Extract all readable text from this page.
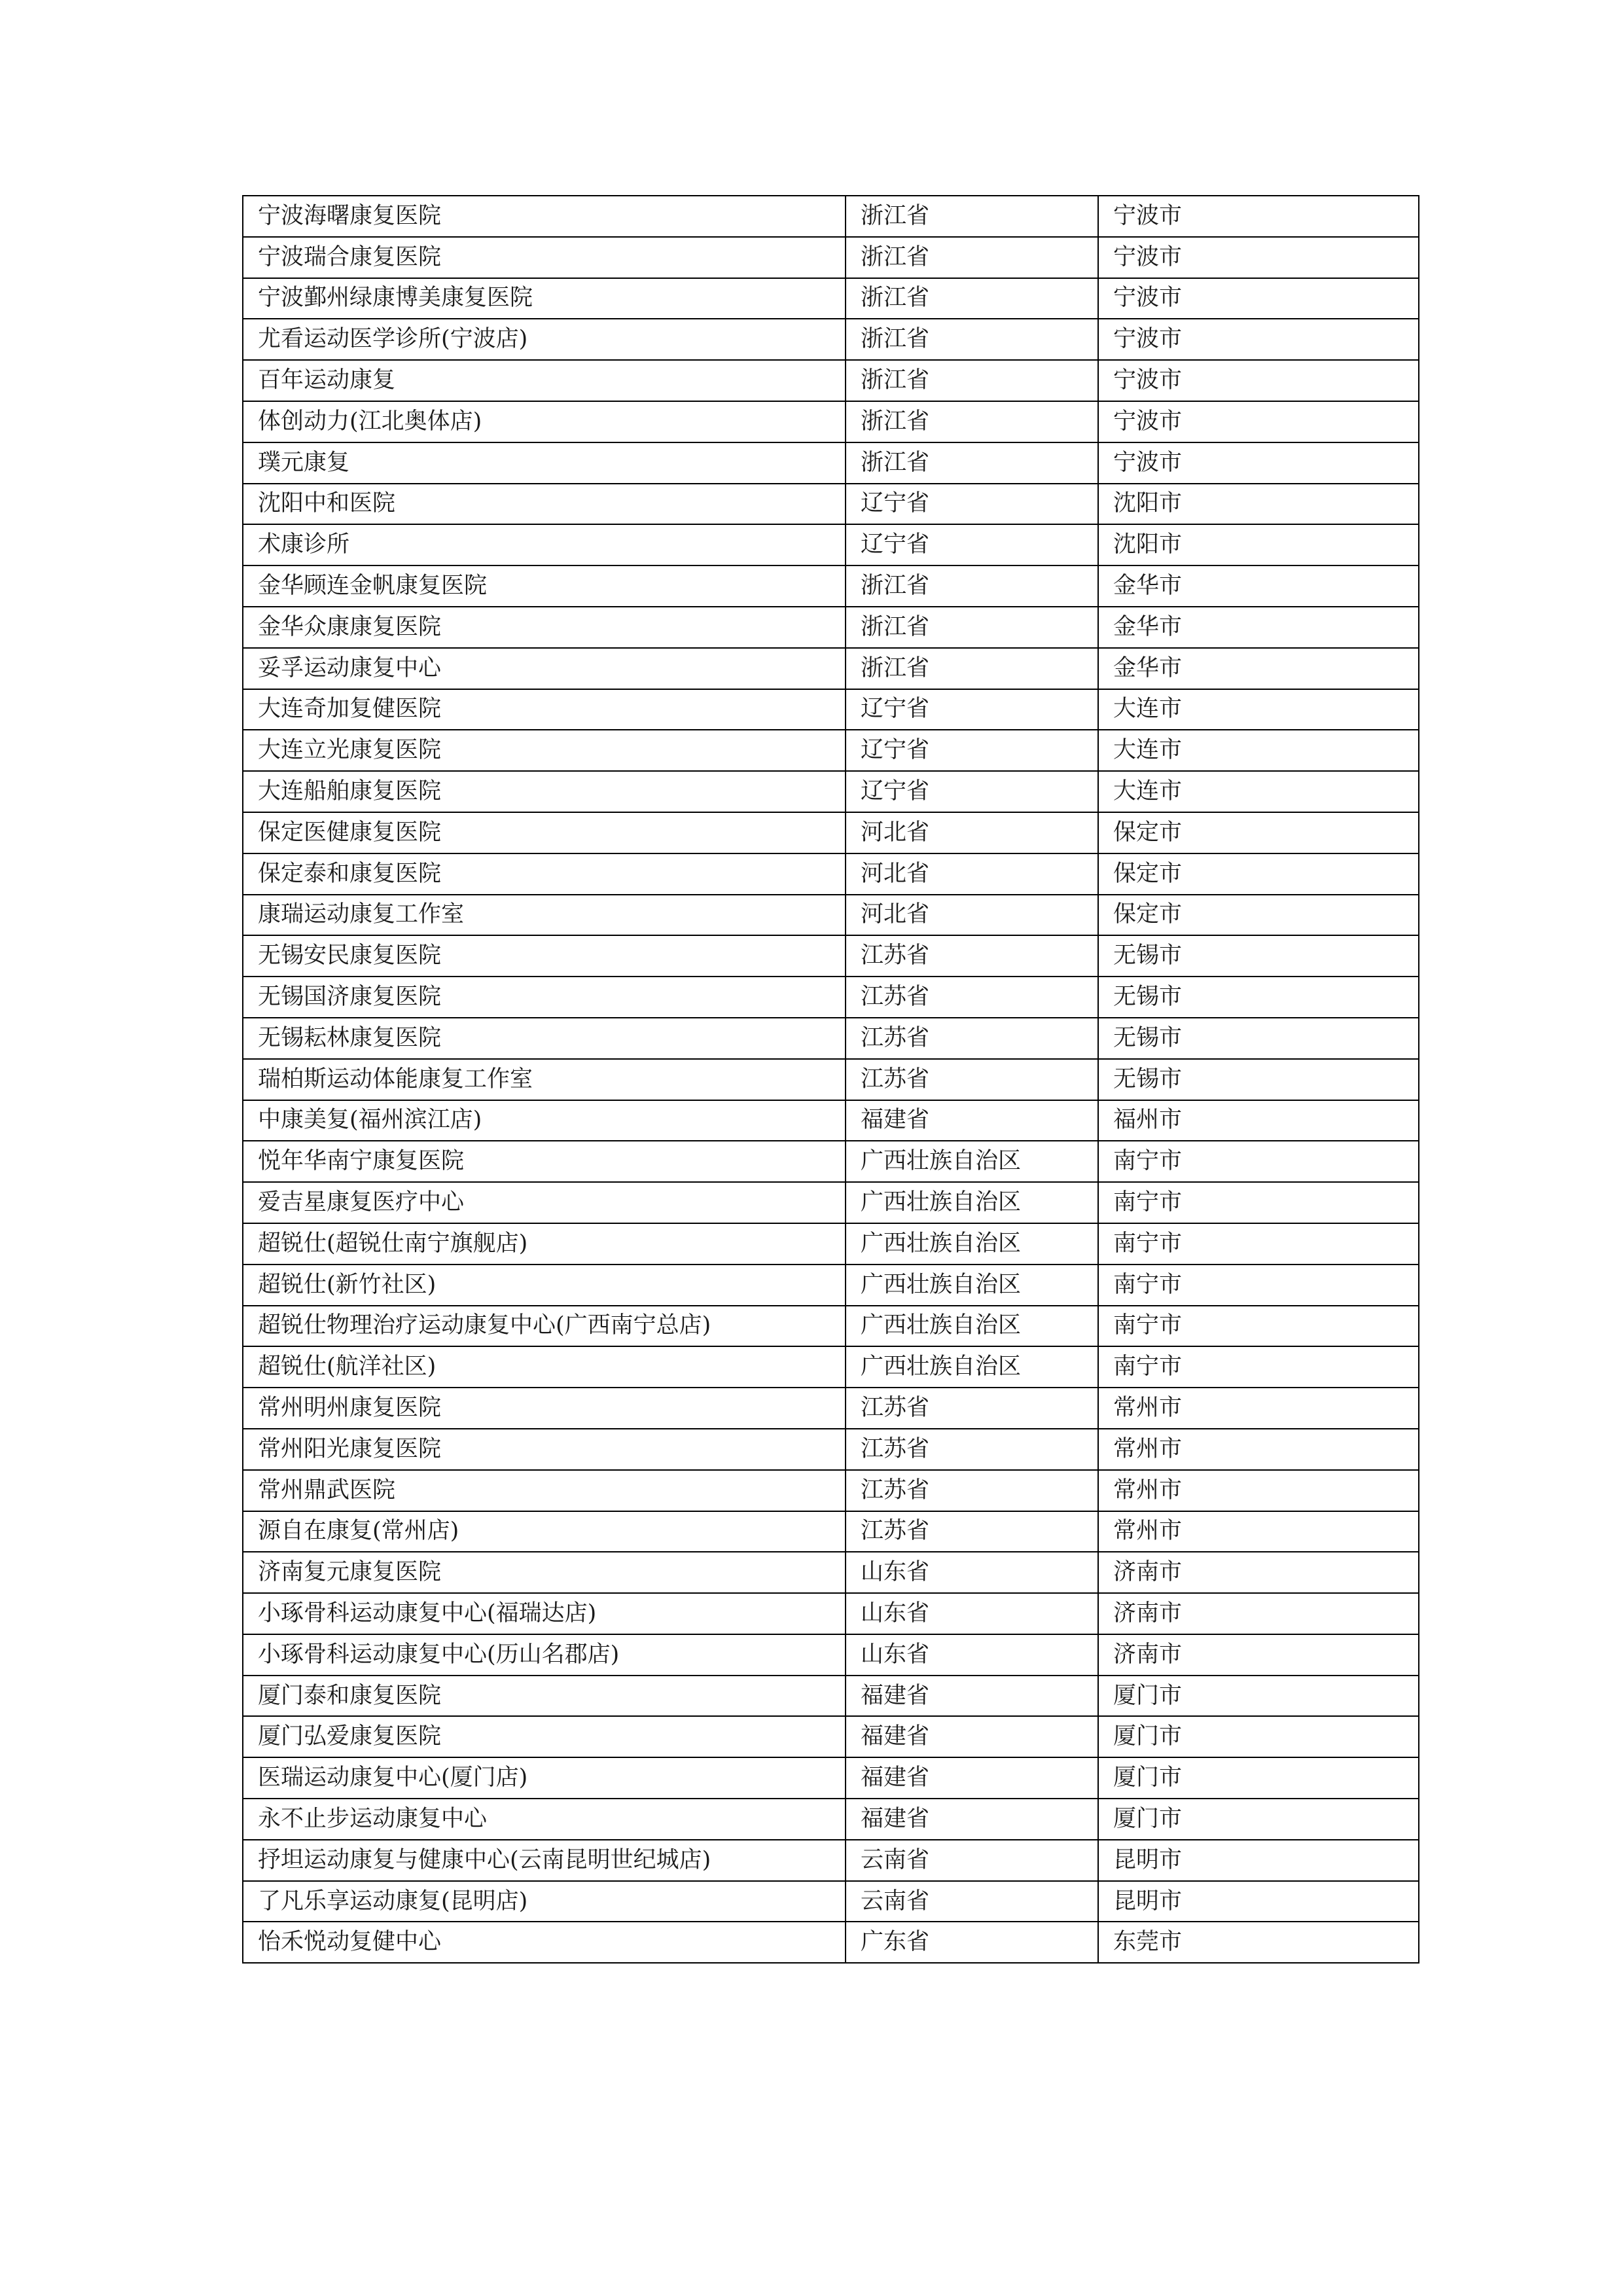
宁波海曙康复医院	浙江省	宁波市
宁波瑞合康复医院	浙江省	宁波市
宁波鄞州绿康博美康复医院	浙江省	宁波市
尤看运动医学诊所(宁波店)	浙江省	宁波市
百年运动康复	浙江省	宁波市
体创动力(江北奥体店)	浙江省	宁波市
璞元康复	浙江省	宁波市
沈阳中和医院	辽宁省	沈阳市
术康诊所	辽宁省	沈阳市
金华顾连金帆康复医院	浙江省	金华市
金华众康康复医院	浙江省	金华市
妥孚运动康复中心	浙江省	金华市
大连奇加复健医院	辽宁省	大连市
大连立光康复医院	辽宁省	大连市
大连船舶康复医院	辽宁省	大连市
保定医健康复医院	河北省	保定市
保定泰和康复医院	河北省	保定市
康瑞运动康复工作室	河北省	保定市
无锡安民康复医院	江苏省	无锡市
无锡国济康复医院	江苏省	无锡市
无锡耘林康复医院	江苏省	无锡市
瑞柏斯运动体能康复工作室	江苏省	无锡市
中康美复(福州滨江店)	福建省	福州市
悦年华南宁康复医院	广西壮族自治区	南宁市
爱吉星康复医疗中心	广西壮族自治区	南宁市
超锐仕(超锐仕南宁旗舰店)	广西壮族自治区	南宁市
超锐仕(新竹社区)	广西壮族自治区	南宁市
超锐仕物理治疗运动康复中心(广西南宁总店)	广西壮族自治区	南宁市
超锐仕(航洋社区)	广西壮族自治区	南宁市
常州明州康复医院	江苏省	常州市
常州阳光康复医院	江苏省	常州市
常州鼎武医院	江苏省	常州市
源自在康复(常州店)	江苏省	常州市
济南复元康复医院	山东省	济南市
小琢骨科运动康复中心(福瑞达店)	山东省	济南市
小琢骨科运动康复中心(历山名郡店)	山东省	济南市
厦门泰和康复医院	福建省	厦门市
厦门弘爱康复医院	福建省	厦门市
医瑞运动康复中心(厦门店)	福建省	厦门市
永不止步运动康复中心	福建省	厦门市
抒坦运动康复与健康中心(云南昆明世纪城店)	云南省	昆明市
了凡乐享运动康复(昆明店)	云南省	昆明市
怡禾悦动复健中心	广东省	东莞市
